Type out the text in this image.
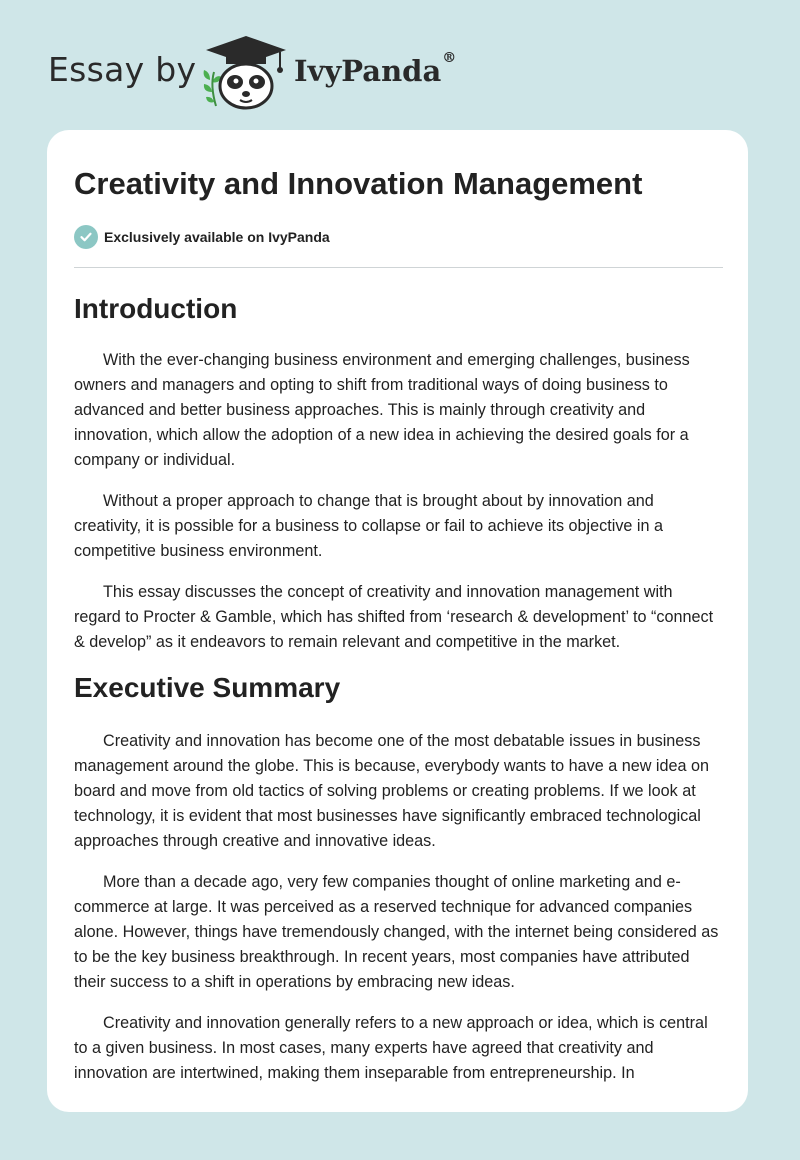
Essay by	IvyPanda®
Creativity and Innovation Management
Exclusively available on IvyPanda
Introduction

With the ever-changing business environment and emerging challenges, business owners and managers and opting to shift from traditional ways of doing business to advanced and better business approaches. This is mainly through creativity and innovation, which allow the adoption of a new idea in achieving the desired goals for a company or individual.

Without a proper approach to change that is brought about by innovation and creativity, it is possible for a business to collapse or fail to achieve its objective in a competitive business environment.

This essay discusses the concept of creativity and innovation management with regard to Procter & Gamble, which has shifted from ‘research & development’ to “connect & develop” as it endeavors to remain relevant and competitive in the market.

Executive Summary

Creativity and innovation has become one of the most debatable issues in business management around the globe. This is because, everybody wants to have a new idea on board and move from old tactics of solving problems or creating problems. If we look at technology, it is evident that most businesses have significantly embraced technological approaches through creative and innovative ideas.

More than a decade ago, very few companies thought of online marketing and e-commerce at large. It was perceived as a reserved technique for advanced companies alone. However, things have tremendously changed, with the internet being considered as to be the key business breakthrough. In recent years, most companies have attributed their success to a shift in operations by embracing new ideas.

Creativity and innovation generally refers to a new approach or idea, which is central to a given business. In most cases, many experts have agreed that creativity and innovation are intertwined, making them inseparable from entrepreneurship. In
